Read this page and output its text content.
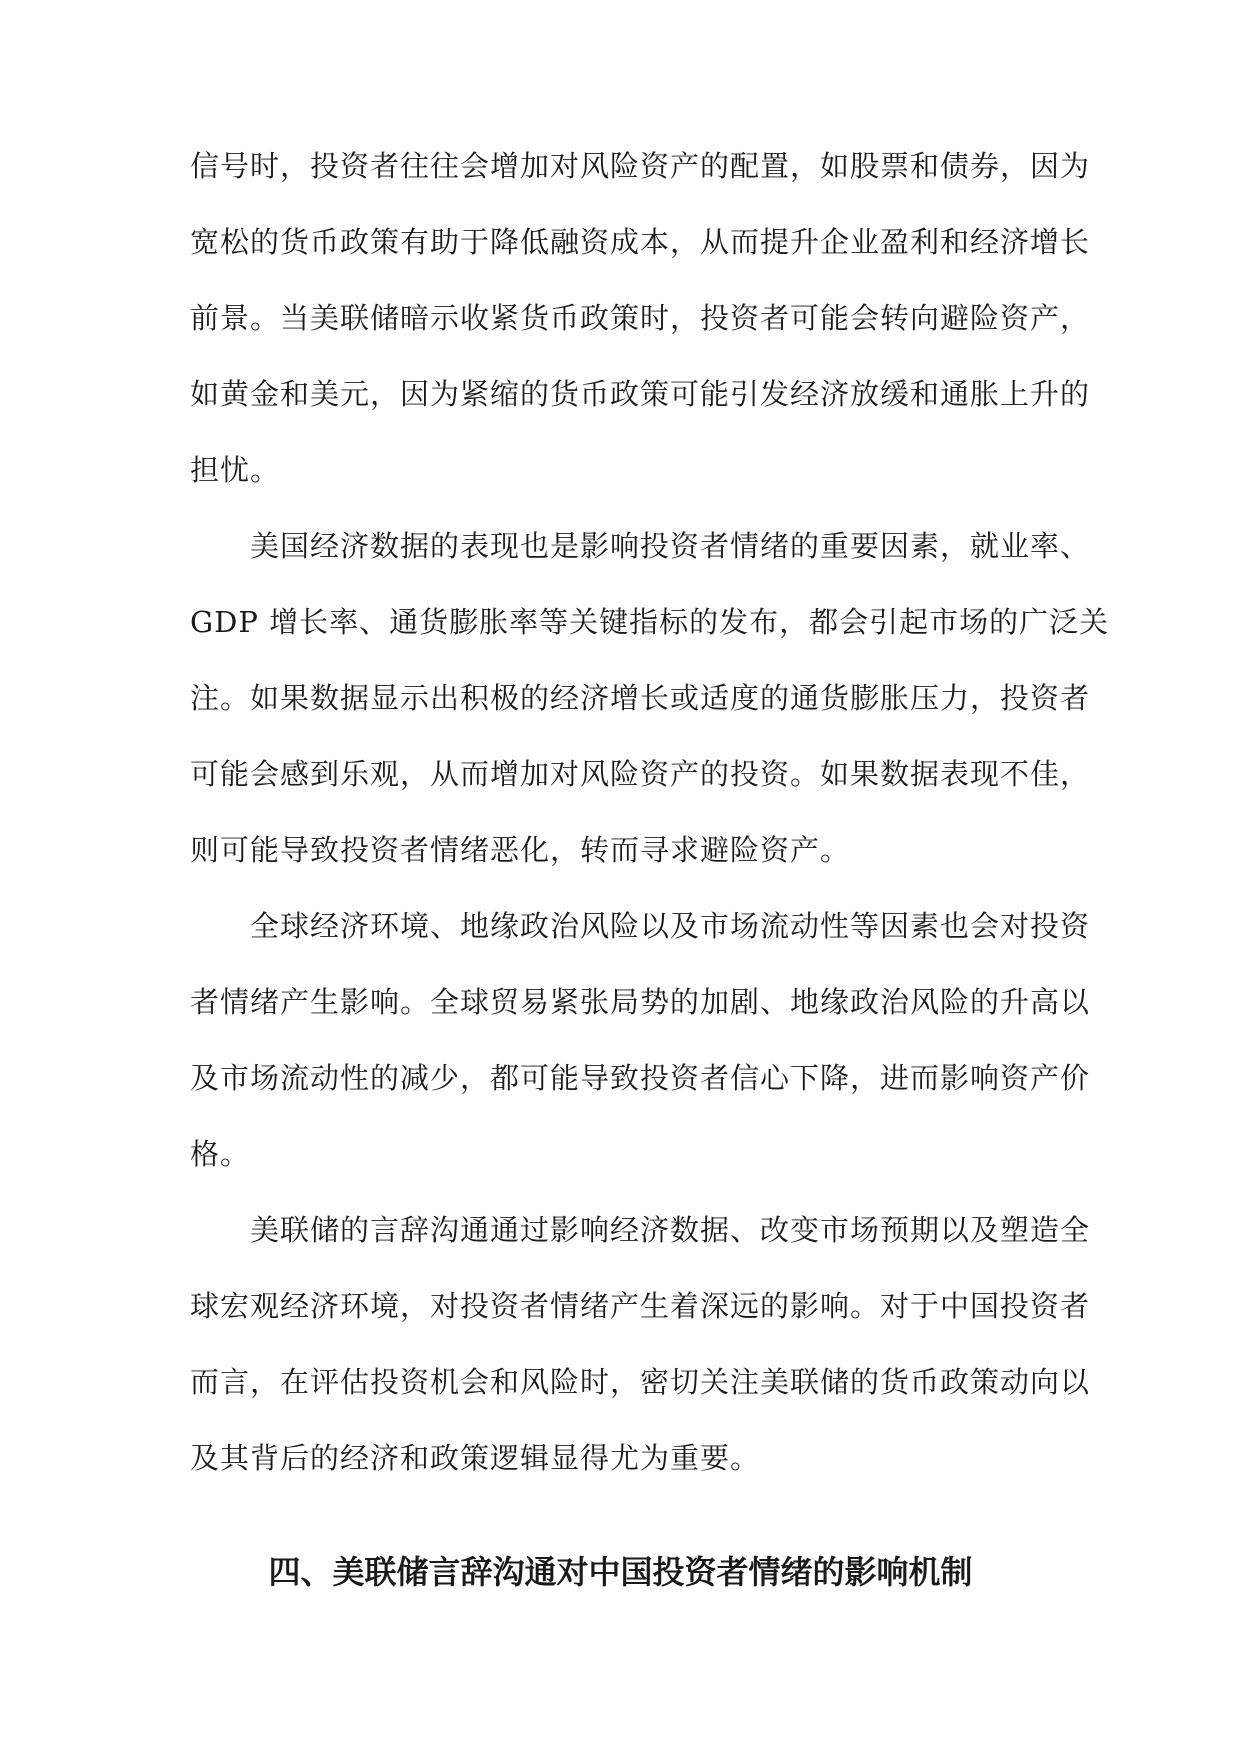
信号时，投资者往往会增加对风险资产的配置，如股票和债券，因为
宽松的货币政策有助于降低融资成本，从而提升企业盈利和经济增长
前景。当美联储暗示收紧货币政策时，投资者可能会转向避险资产，
如黄金和美元，因为紧缩的货币政策可能引发经济放缓和通胀上升的
担忧。
　　美国经济数据的表现也是影响投资者情绪的重要因素，就业率、
GDP 增长率、通货膨胀率等关键指标的发布，都会引起市场的广泛关
注。如果数据显示出积极的经济增长或适度的通货膨胀压力，投资者
可能会感到乐观，从而增加对风险资产的投资。如果数据表现不佳，
则可能导致投资者情绪恶化，转而寻求避险资产。
　　全球经济环境、地缘政治风险以及市场流动性等因素也会对投资
者情绪产生影响。全球贸易紧张局势的加剧、地缘政治风险的升高以
及市场流动性的减少，都可能导致投资者信心下降，进而影响资产价
格。
　　美联储的言辞沟通通过影响经济数据、改变市场预期以及塑造全
球宏观经济环境，对投资者情绪产生着深远的影响。对于中国投资者
而言，在评估投资机会和风险时，密切关注美联储的货币政策动向以
及其背后的经济和政策逻辑显得尤为重要。
四、美联储言辞沟通对中国投资者情绪的影响机制
